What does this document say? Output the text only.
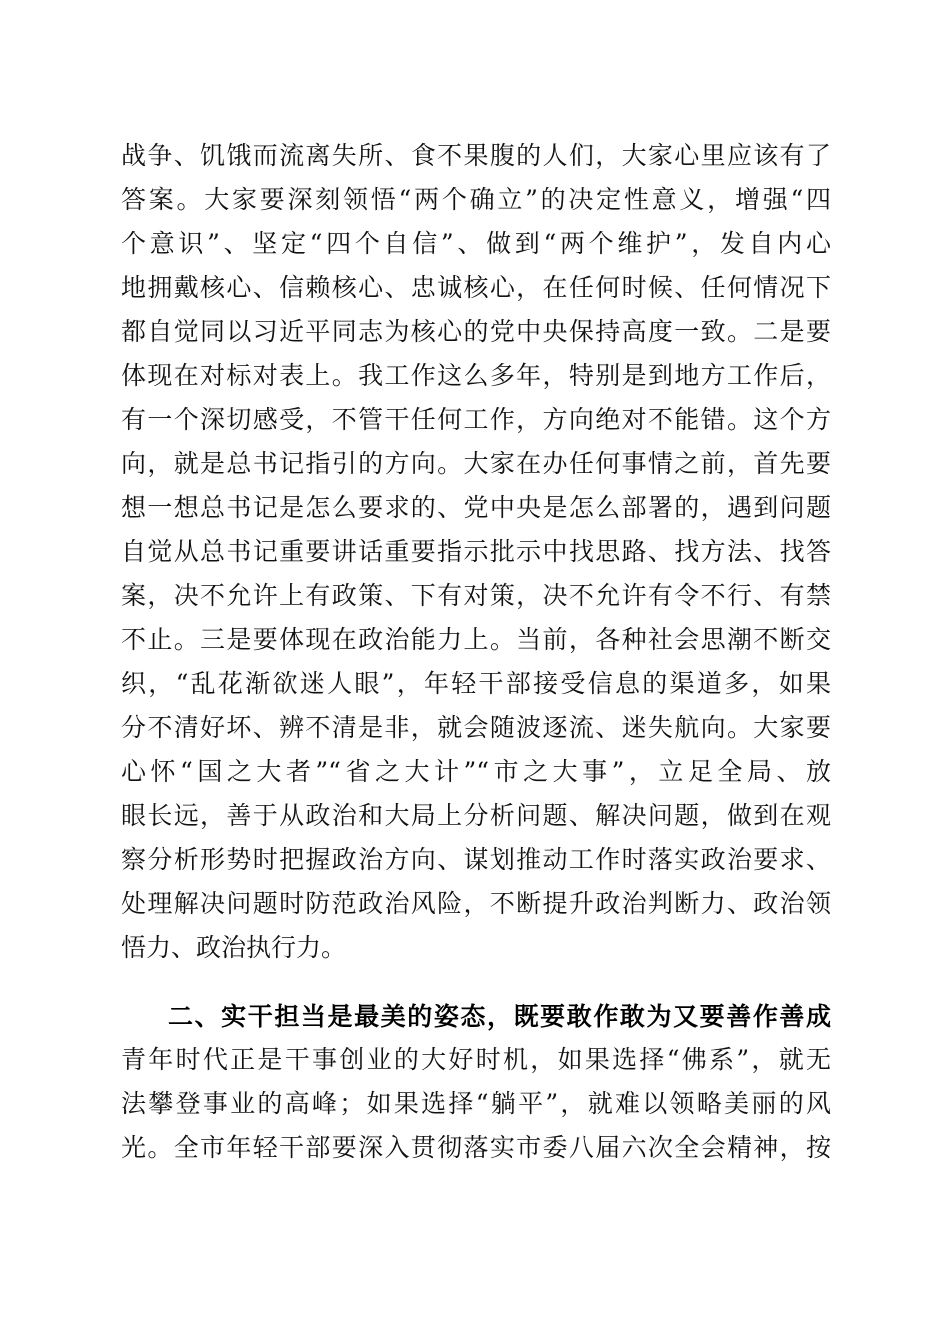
战争、饥饿而流离失所、食不果腹的人们，大家心里应该有了
答案。大家要深刻领悟“两个确立”的决定性意义，增强“四
个意识”、坚定“四个自信”、做到“两个维护”，发自内心
地拥戴核心、信赖核心、忠诚核心，在任何时候、任何情况下
都自觉同以习近平同志为核心的党中央保持高度一致。二是要
体现在对标对表上。我工作这么多年，特别是到地方工作后，
有一个深切感受，不管干任何工作，方向绝对不能错。这个方
向，就是总书记指引的方向。大家在办任何事情之前，首先要
想一想总书记是怎么要求的、党中央是怎么部署的，遇到问题
自觉从总书记重要讲话重要指示批示中找思路、找方法、找答
案，决不允许上有政策、下有对策，决不允许有令不行、有禁
不止。三是要体现在政治能力上。当前，各种社会思潮不断交
织，“乱花渐欲迷人眼”，年轻干部接受信息的渠道多，如果
分不清好坏、辨不清是非，就会随波逐流、迷失航向。大家要
心怀“国之大者”“省之大计”“市之大事”，立足全局、放
眼长远，善于从政治和大局上分析问题、解决问题，做到在观
察分析形势时把握政治方向、谋划推动工作时落实政治要求、
处理解决问题时防范政治风险，不断提升政治判断力、政治领
悟力、政治执行力。
二、实干担当是最美的姿态，既要敢作敢为又要善作善成
青年时代正是干事创业的大好时机，如果选择“佛系”，就无
法攀登事业的高峰；如果选择“躺平”，就难以领略美丽的风
光。全市年轻干部要深入贯彻落实市委八届六次全会精神，按
